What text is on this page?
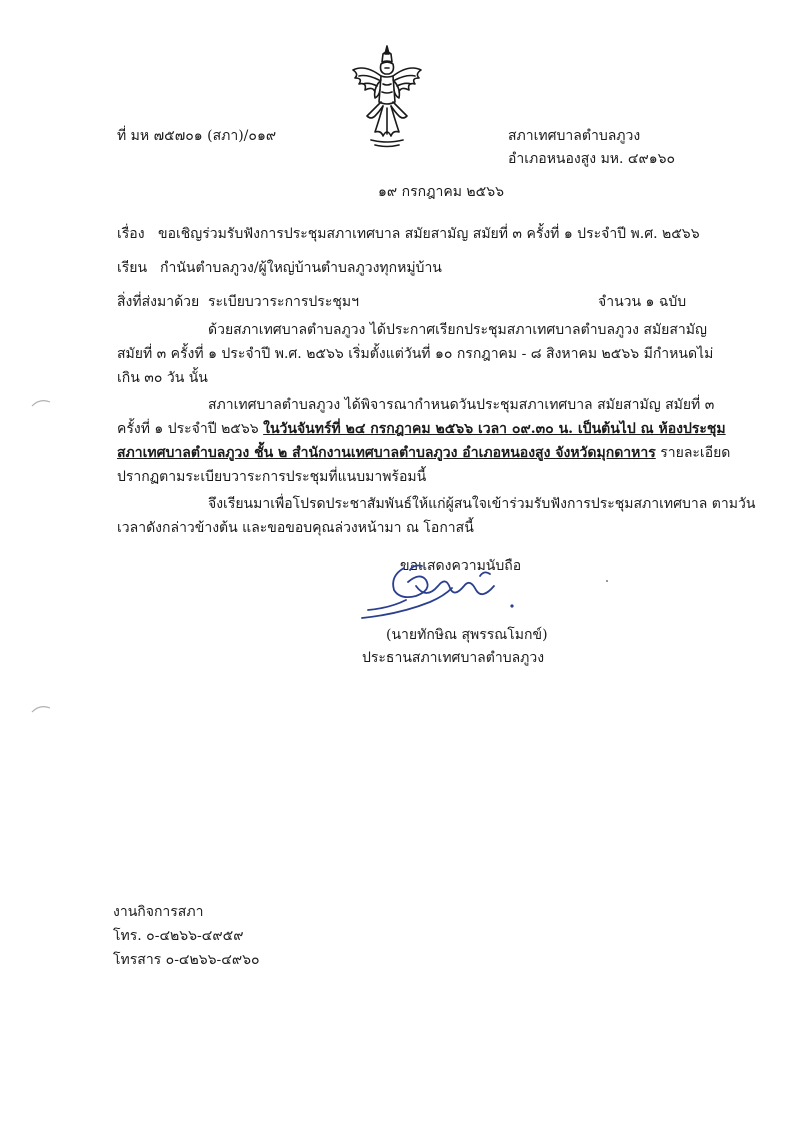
ที่ มห ๗๕๗๐๑ (สภา)/๐๑๙	สภาเทศบาลตำบลภูวง
อำเภอหนองสูง มห. ๔๙๑๖๐
๑๙ กรกฎาคม ๒๕๖๖
เรื่อง ขอเชิญร่วมรับฟังการประชุมสภาเทศบาล สมัยสามัญ สมัยที่ ๓ ครั้งที่ ๑ ประจำปี พ.ศ. ๒๕๖๖
เรียน กำนันตำบลภูวง/ผู้ใหญ่บ้านตำบลภูวงทุกหมู่บ้าน
สิ่งที่ส่งมาด้วย ระเบียบวาระการประชุมฯ	จำนวน ๑ ฉบับ
ด้วยสภาเทศบาลตำบลภูวง ได้ประกาศเรียกประชุมสภาเทศบาลตำบลภูวง สมัยสามัญ
สมัยที่ ๓ ครั้งที่ ๑ ประจำปี พ.ศ. ๒๕๖๖ เริ่มตั้งแต่วันที่ ๑๐ กรกฎาคม - ๘ สิงหาคม ๒๕๖๖ มีกำหนดไม่
เกิน ๓๐ วัน นั้น
สภาเทศบาลตำบลภูวง ได้พิจารณากำหนดวันประชุมสภาเทศบาล สมัยสามัญ สมัยที่ ๓
ครั้งที่ ๑ ประจำปี ๒๕๖๖ ในวันจันทร์ที่ ๒๔ กรกฎาคม ๒๕๖๖ เวลา ๐๙.๓๐ น. เป็นต้นไป ณ ห้องประชุม
สภาเทศบาลตำบลภูวง ชั้น ๒ สำนักงานเทศบาลตำบลภูวง อำเภอหนองสูง จังหวัดมุกดาหาร รายละเอียด
ปรากฏตามระเบียบวาระการประชุมที่แนบมาพร้อมนี้
จึงเรียนมาเพื่อโปรดประชาสัมพันธ์ให้แก่ผู้สนใจเข้าร่วมรับฟังการประชุมสภาเทศบาล ตามวัน
เวลาดังกล่าวข้างต้น และขอขอบคุณล่วงหน้ามา ณ โอกาสนี้
ขอแสดงความนับถือ
(นายทักษิณ สุพรรณโมกข์)
ประธานสภาเทศบาลตำบลภูวง
งานกิจการสภา
โทร. ๐-๔๒๖๖-๔๙๕๙
โทรสาร ๐-๔๒๖๖-๔๙๖๐
